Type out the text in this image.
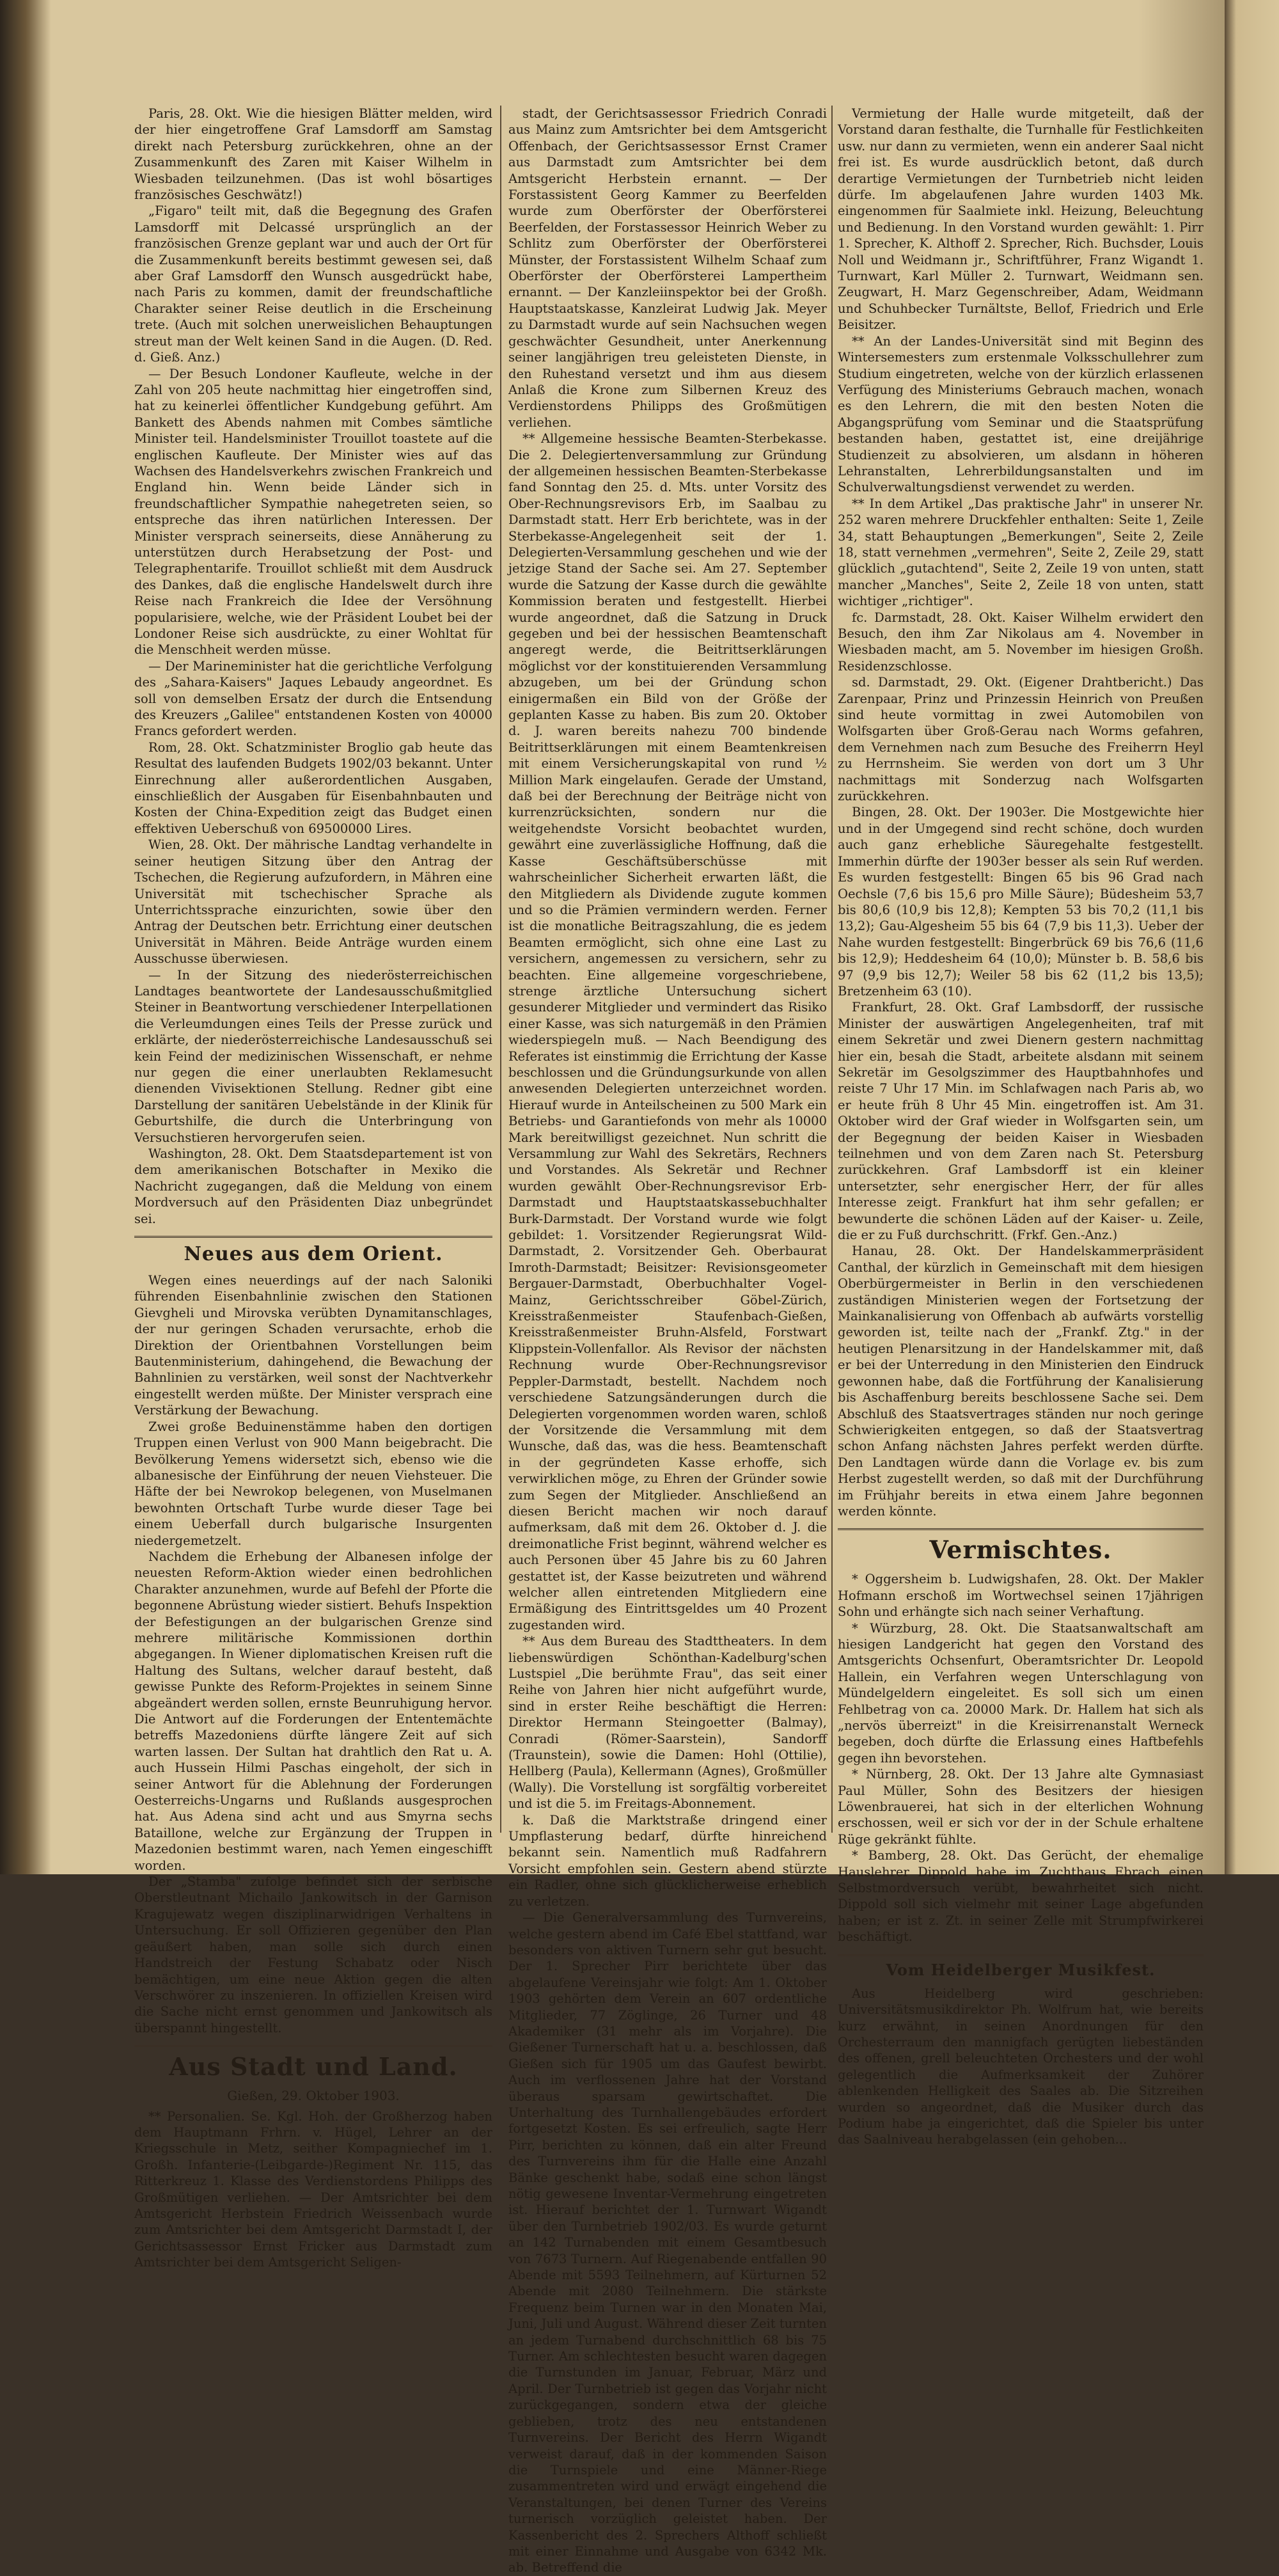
Paris, 28. Okt. Wie die hiesigen Blätter melden, wird der hier eingetroffene Graf Lamsdorff am Samstag direkt nach Petersburg zurückkehren, ohne an der Zusammenkunft des Zaren mit Kaiser Wilhelm in Wiesbaden teilzunehmen. (Das ist wohl bösartiges französisches Geschwätz!)

„Figaro" teilt mit, daß die Begegnung des Grafen Lamsdorff mit Delcassé ursprünglich an der französischen Grenze geplant war und auch der Ort für die Zusammenkunft bereits bestimmt gewesen sei, daß aber Graf Lamsdorff den Wunsch ausgedrückt habe, nach Paris zu kommen, damit der freundschaftliche Charakter seiner Reise deutlich in die Erscheinung trete. (Auch mit solchen unerweislichen Behauptungen streut man der Welt keinen Sand in die Augen. (D. Red. d. Gieß. Anz.)

— Der Besuch Londoner Kaufleute, welche in der Zahl von 205 heute nachmittag hier eingetroffen sind, hat zu keinerlei öffentlicher Kundgebung geführt. Am Bankett des Abends nahmen mit Combes sämtliche Minister teil. Handelsminister Trouillot toastete auf die englischen Kaufleute. Der Minister wies auf das Wachsen des Handelsverkehrs zwischen Frankreich und England hin. Wenn beide Länder sich in freundschaftlicher Sympathie nahegetreten seien, so entspreche das ihren natürlichen Interessen. Der Minister versprach seinerseits, diese Annäherung zu unterstützen durch Herabsetzung der Post- und Telegraphentarife. Trouillot schließt mit dem Ausdruck des Dankes, daß die englische Handelswelt durch ihre Reise nach Frankreich die Idee der Versöhnung popularisiere, welche, wie der Präsident Loubet bei der Londoner Reise sich ausdrückte, zu einer Wohltat für die Menschheit werden müsse.

— Der Marineminister hat die gerichtliche Verfolgung des „Sahara-Kaisers" Jaques Lebaudy angeordnet. Es soll von demselben Ersatz der durch die Entsendung des Kreuzers „Galilee" entstandenen Kosten von 40000 Francs gefordert werden.

Rom, 28. Okt. Schatzminister Broglio gab heute das Resultat des laufenden Budgets 1902/03 bekannt. Unter Einrechnung aller außerordentlichen Ausgaben, einschließlich der Ausgaben für Eisenbahnbauten und Kosten der China-Expedition zeigt das Budget einen effektiven Ueberschuß von 69500000 Lires.

Wien, 28. Okt. Der mährische Landtag verhandelte in seiner heutigen Sitzung über den Antrag der Tschechen, die Regierung aufzufordern, in Mähren eine Universität mit tschechischer Sprache als Unterrichtssprache einzurichten, sowie über den Antrag der Deutschen betr. Errichtung einer deutschen Universität in Mähren. Beide Anträge wurden einem Ausschusse überwiesen.

— In der Sitzung des niederösterreichischen Landtages beantwortete der Landesausschußmitglied Steiner in Beantwortung verschiedener Interpellationen die Verleumdungen eines Teils der Presse zurück und erklärte, der niederösterreichische Landesausschuß sei kein Feind der medizinischen Wissenschaft, er nehme nur gegen die einer unerlaubten Reklamesucht dienenden Vivisektionen Stellung. Redner gibt eine Darstellung der sanitären Uebelstände in der Klinik für Geburtshilfe, die durch die Unterbringung von Versuchstieren hervorgerufen seien.

Washington, 28. Okt. Dem Staatsdepartement ist von dem amerikanischen Botschafter in Mexiko die Nachricht zugegangen, daß die Meldung von einem Mordversuch auf den Präsidenten Diaz unbegründet sei.

Neues aus dem Orient.

Wegen eines neuerdings auf der nach Saloniki führenden Eisenbahnlinie zwischen den Stationen Gievgheli und Mirovska verübten Dynamitanschlages, der nur geringen Schaden verursachte, erhob die Direktion der Orientbahnen Vorstellungen beim Bautenministerium, dahingehend, die Bewachung der Bahnlinien zu verstärken, weil sonst der Nachtverkehr eingestellt werden müßte. Der Minister versprach eine Verstärkung der Bewachung.

Zwei große Beduinenstämme haben den dortigen Truppen einen Verlust von 900 Mann beigebracht. Die Bevölkerung Yemens widersetzt sich, ebenso wie die albanesische der Einführung der neuen Viehsteuer. Die Häfte der bei Newrokop belegenen, von Muselmanen bewohnten Ortschaft Turbe wurde dieser Tage bei einem Ueberfall durch bulgarische Insurgenten niedergemetzelt.

Nachdem die Erhebung der Albanesen infolge der neuesten Reform-Aktion wieder einen bedrohlichen Charakter anzunehmen, wurde auf Befehl der Pforte die begonnene Abrüstung wieder sistiert. Behufs Inspektion der Befestigungen an der bulgarischen Grenze sind mehrere militärische Kommissionen dorthin abgegangen. In Wiener diplomatischen Kreisen ruft die Haltung des Sultans, welcher darauf besteht, daß gewisse Punkte des Reform-Projektes in seinem Sinne abgeändert werden sollen, ernste Beunruhigung hervor. Die Antwort auf die Forderungen der Ententemächte betreffs Mazedoniens dürfte längere Zeit auf sich warten lassen. Der Sultan hat drahtlich den Rat u. A. auch Hussein Hilmi Paschas eingeholt, der sich in seiner Antwort für die Ablehnung der Forderungen Oesterreichs-Ungarns und Rußlands ausgesprochen hat. Aus Adena sind acht und aus Smyrna sechs Bataillone, welche zur Ergänzung der Truppen in Mazedonien bestimmt waren, nach Yemen eingeschifft worden.

Der „Stamba" zufolge befindet sich der serbische Oberstleutnant Michailo Jankowitsch in der Garnison Kragujewatz wegen disziplinarwidrigen Verhaltens in Untersuchung. Er soll Offizieren gegenüber den Plan geäußert haben, man solle sich durch einen Handstreich der Festung Schabatz oder Nisch bemächtigen, um eine neue Aktion gegen die alten Verschwörer zu inszenieren. In offiziellen Kreisen wird die Sache nicht ernst genommen und Jankowitsch als überspannt hingestellt.

Aus Stadt und Land.
Gießen, 29. Oktober 1903.

** Personalien. Se. Kgl. Hoh. der Großherzog haben dem Hauptmann Frhrn. v. Hügel, Lehrer an der Kriegsschule in Metz, seither Kompagniechef im 1. Großh. Infanterie-(Leibgarde-)Regiment Nr. 115, das Ritterkreuz 1. Klasse des Verdienstordens Philipps des Großmütigen verliehen. — Der Amtsrichter bei dem Amtsgericht Herbstein Friedrich Weissenbach wurde zum Amtsrichter bei dem Amtsgericht Darmstadt I, der Gerichtsassessor Ernst Fricker aus Darmstadt zum Amtsrichter bei dem Amtsgericht Seligen-

stadt, der Gerichtsassessor Friedrich Conradi aus Mainz zum Amtsrichter bei dem Amtsgericht Offenbach, der Gerichtsassessor Ernst Cramer aus Darmstadt zum Amtsrichter bei dem Amtsgericht Herbstein ernannt. — Der Forstassistent Georg Kammer zu Beerfelden wurde zum Oberförster der Oberförsterei Beerfelden, der Forstassessor Heinrich Weber zu Schlitz zum Oberförster der Oberförsterei Münster, der Forstassistent Wilhelm Schaaf zum Oberförster der Oberförsterei Lampertheim ernannt. — Der Kanzleiinspektor bei der Großh. Hauptstaatskasse, Kanzleirat Ludwig Jak. Meyer zu Darmstadt wurde auf sein Nachsuchen wegen geschwächter Gesundheit, unter Anerkennung seiner langjährigen treu geleisteten Dienste, in den Ruhestand versetzt und ihm aus diesem Anlaß die Krone zum Silbernen Kreuz des Verdienstordens Philipps des Großmütigen verliehen.

** Allgemeine hessische Beamten-Sterbekasse. Die 2. Delegiertenversammlung zur Gründung der allgemeinen hessischen Beamten-Sterbekasse fand Sonntag den 25. d. Mts. unter Vorsitz des Ober-Rechnungsrevisors Erb, im Saalbau zu Darmstadt statt. Herr Erb berichtete, was in der Sterbekasse-Angelegenheit seit der 1. Delegierten-Versammlung geschehen und wie der jetzige Stand der Sache sei. Am 27. September wurde die Satzung der Kasse durch die gewählte Kommission beraten und festgestellt. Hierbei wurde angeordnet, daß die Satzung in Druck gegeben und bei der hessischen Beamtenschaft angeregt werde, die Beitrittserklärungen möglichst vor der konstituierenden Versammlung abzugeben, um bei der Gründung schon einigermaßen ein Bild von der Größe der geplanten Kasse zu haben. Bis zum 20. Oktober d. J. waren bereits nahezu 700 bindende Beitrittserklärungen mit einem Beamtenkreisen mit einem Versicherungskapital von rund ½ Million Mark eingelaufen. Gerade der Umstand, daß bei der Berechnung der Beiträge nicht von kurrenzrücksichten, sondern nur die weitgehendste Vorsicht beobachtet wurden, gewährt eine zuverlässigliche Hoffnung, daß die Kasse Geschäftsüberschüsse mit wahrscheinlicher Sicherheit erwarten läßt, die den Mitgliedern als Dividende zugute kommen und so die Prämien vermindern werden. Ferner ist die monatliche Beitragszahlung, die es jedem Beamten ermöglicht, sich ohne eine Last zu versichern, angemessen zu versichern, sehr zu beachten. Eine allgemeine vorgeschriebene, strenge ärztliche Untersuchung sichert gesunderer Mitglieder und vermindert das Risiko einer Kasse, was sich naturgemäß in den Prämien wiederspiegeln muß. — Nach Beendigung des Referates ist einstimmig die Errichtung der Kasse beschlossen und die Gründungsurkunde von allen anwesenden Delegierten unterzeichnet worden. Hierauf wurde in Anteilscheinen zu 500 Mark ein Betriebs- und Garantiefonds von mehr als 10000 Mark bereitwilligst gezeichnet. Nun schritt die Versammlung zur Wahl des Sekretärs, Rechners und Vorstandes. Als Sekretär und Rechner wurden gewählt Ober-Rechnungsrevisor Erb-Darmstadt und Hauptstaatskassebuchhalter Burk-Darmstadt. Der Vorstand wurde wie folgt gebildet: 1. Vorsitzender Regierungsrat Wild-Darmstadt, 2. Vorsitzender Geh. Oberbaurat Imroth-Darmstadt; Beisitzer: Revisionsgeometer Bergauer-Darmstadt, Oberbuchhalter Vogel-Mainz, Gerichtsschreiber Göbel-Zürich, Kreisstraßenmeister Staufenbach-Gießen, Kreisstraßenmeister Bruhn-Alsfeld, Forstwart Klippstein-Vollenfallor. Als Revisor der nächsten Rechnung wurde Ober-Rechnungsrevisor Peppler-Darmstadt, bestellt. Nachdem noch verschiedene Satzungsänderungen durch die Delegierten vorgenommen worden waren, schloß der Vorsitzende die Versammlung mit dem Wunsche, daß das, was die hess. Beamtenschaft in der gegründeten Kasse erhoffe, sich verwirklichen möge, zu Ehren der Gründer sowie zum Segen der Mitglieder. Anschließend an diesen Bericht machen wir noch darauf aufmerksam, daß mit dem 26. Oktober d. J. die dreimonatliche Frist beginnt, während welcher es auch Personen über 45 Jahre bis zu 60 Jahren gestattet ist, der Kasse beizutreten und während welcher allen eintretenden Mitgliedern eine Ermäßigung des Eintrittsgeldes um 40 Prozent zugestanden wird.

** Aus dem Bureau des Stadttheaters. In dem liebenswürdigen Schönthan-Kadelburg'schen Lustspiel „Die berühmte Frau", das seit einer Reihe von Jahren hier nicht aufgeführt wurde, sind in erster Reihe beschäftigt die Herren: Direktor Hermann Steingoetter (Balmay), Conradi (Römer-Saarstein), Sandorff (Traunstein), sowie die Damen: Hohl (Ottilie), Hellberg (Paula), Kellermann (Agnes), Großmüller (Wally). Die Vorstellung ist sorgfältig vorbereitet und ist die 5. im Freitags-Abonnement.

k. Daß die Marktstraße dringend einer Umpflasterung bedarf, dürfte hinreichend bekannt sein. Namentlich muß Radfahrern Vorsicht empfohlen sein. Gestern abend stürzte ein Radler, ohne sich glücklicherweise erheblich zu verletzen.

— Die Generalversammlung des Turnvereins, welche gestern abend im Café Ebel stattfand, war besonders von aktiven Turnern sehr gut besucht. Der 1. Sprecher Pirr berichtete über das abgelaufene Vereinsjahr wie folgt: Am 1. Oktober 1903 gehörten dem Verein an 607 ordentliche Mitglieder, 77 Zöglinge, 26 Turner und 48 Akademiker (31 mehr als im Vorjahre). Die Gießener Turnerschaft hat u. a. beschlossen, daß Gießen sich für 1905 um das Gaufest bewirbt. Auch im verflossenen Jahre hat der Vorstand überaus sparsam gewirtschaftet. Die Unterhaltung des Turnhallengebäudes erfordert fortgesetzt Kosten. Es sei erfreulich, sagte Herr Pirr, berichten zu können, daß ein alter Freund des Turnvereins ihm für die Halle eine Anzahl Bänke geschenkt habe, sodaß eine schon längst nötig gewesene Inventar-Vermehrung eingetreten ist. Hierauf berichtet der 1. Turnwart Wigandt über den Turnbetrieb 1902/03. Es wurde geturnt an 142 Turnabenden mit einem Gesamtbesuch von 7673 Turnern. Auf Riegenabende entfallen 90 Abende mit 5593 Teilnehmern, auf Kürturnen 52 Abende mit 2080 Teilnehmern. Die stärkste Frequenz beim Turnen war in den Monaten Mai, Juni, Juli und August. Während dieser Zeit turnten an jedem Turnabend durchschnittlich 68 bis 75 Turner. Am schlechtesten besucht waren dagegen die Turnstunden im Januar, Februar, März und April. Der Turnbetrieb ist gegen das Vorjahr nicht zurückgegangen, sondern etwa der gleiche geblieben, trotz des neu entstandenen Turnvereins. Der Bericht des Herrn Wigandt verweist darauf, daß in der kommenden Saison die Turnspiele und eine Männer-Riege zusammentreten wird und erwägt eingehend die Veranstaltungen, bei denen Turner des Vereins turnerisch vorzüglich geleistet haben. Der Kassenbericht des 2. Sprechers Althoff schließt mit einer Einnahme und Ausgabe von 6342 Mk. ab. Betreffend die

Vermietung der Halle wurde mitgeteilt, daß der Vorstand daran festhalte, die Turnhalle für Festlichkeiten usw. nur dann zu vermieten, wenn ein anderer Saal nicht frei ist. Es wurde ausdrücklich betont, daß durch derartige Vermietungen der Turnbetrieb nicht leiden dürfe. Im abgelaufenen Jahre wurden 1403 Mk. eingenommen für Saalmiete inkl. Heizung, Beleuchtung und Bedienung. In den Vorstand wurden gewählt: 1. Pirr 1. Sprecher, K. Althoff 2. Sprecher, Rich. Buchsder, Louis Noll und Weidmann jr., Schriftführer, Franz Wigandt 1. Turnwart, Karl Müller 2. Turnwart, Weidmann sen. Zeugwart, H. Marz Gegenschreiber, Adam, Weidmann und Schuhbecker Turnältste, Bellof, Friedrich und Erle Beisitzer.

** An der Landes-Universität sind mit Beginn des Wintersemesters zum erstenmale Volksschullehrer zum Studium eingetreten, welche von der kürzlich erlassenen Verfügung des Ministeriums Gebrauch machen, wonach es den Lehrern, die mit den besten Noten die Abgangsprüfung vom Seminar und die Staatsprüfung bestanden haben, gestattet ist, eine dreijährige Studienzeit zu absolvieren, um alsdann in höheren Lehranstalten, Lehrerbildungsanstalten und im Schulverwaltungsdienst verwendet zu werden.

** In dem Artikel „Das praktische Jahr" in unserer Nr. 252 waren mehrere Druckfehler enthalten: Seite 1, Zeile 34, statt Behauptungen „Bemerkungen", Seite 2, Zeile 18, statt vernehmen „vermehren", Seite 2, Zeile 29, statt glücklich „gutachtend", Seite 2, Zeile 19 von unten, statt mancher „Manches", Seite 2, Zeile 18 von unten, statt wichtiger „richtiger".

fc. Darmstadt, 28. Okt. Kaiser Wilhelm erwidert den Besuch, den ihm Zar Nikolaus am 4. November in Wiesbaden macht, am 5. November im hiesigen Großh. Residenzschlosse.

sd. Darmstadt, 29. Okt. (Eigener Drahtbericht.) Das Zarenpaar, Prinz und Prinzessin Heinrich von Preußen sind heute vormittag in zwei Automobilen von Wolfsgarten über Groß-Gerau nach Worms gefahren, dem Vernehmen nach zum Besuche des Freiherrn Heyl zu Herrnsheim. Sie werden von dort um 3 Uhr nachmittags mit Sonderzug nach Wolfsgarten zurückkehren.

Bingen, 28. Okt. Der 1903er. Die Mostgewichte hier und in der Umgegend sind recht schöne, doch wurden auch ganz erhebliche Säuregehalte festgestellt. Immerhin dürfte der 1903er besser als sein Ruf werden. Es wurden festgestellt: Bingen 65 bis 96 Grad nach Oechsle (7,6 bis 15,6 pro Mille Säure); Büdesheim 53,7 bis 80,6 (10,9 bis 12,8); Kempten 53 bis 70,2 (11,1 bis 13,2); Gau-Algesheim 55 bis 64 (7,9 bis 11,3). Ueber der Nahe wurden festgestellt: Bingerbrück 69 bis 76,6 (11,6 bis 12,9); Heddesheim 64 (10,0); Münster b. B. 58,6 bis 97 (9,9 bis 12,7); Weiler 58 bis 62 (11,2 bis 13,5); Bretzenheim 63 (10).

Frankfurt, 28. Okt. Graf Lambsdorff, der russische Minister der auswärtigen Angelegenheiten, traf mit einem Sekretär und zwei Dienern gestern nachmittag hier ein, besah die Stadt, arbeitete alsdann mit seinem Sekretär im Gesolgszimmer des Hauptbahnhofes und reiste 7 Uhr 17 Min. im Schlafwagen nach Paris ab, wo er heute früh 8 Uhr 45 Min. eingetroffen ist. Am 31. Oktober wird der Graf wieder in Wolfsgarten sein, um der Begegnung der beiden Kaiser in Wiesbaden teilnehmen und von dem Zaren nach St. Petersburg zurückkehren. Graf Lambsdorff ist ein kleiner untersetzter, sehr energischer Herr, der für alles Interesse zeigt. Frankfurt hat ihm sehr gefallen; er bewunderte die schönen Läden auf der Kaiser- u. Zeile, die er zu Fuß durchschritt. (Frkf. Gen.-Anz.)

Hanau, 28. Okt. Der Handelskammerpräsident Canthal, der kürzlich in Gemeinschaft mit dem hiesigen Oberbürgermeister in Berlin in den verschiedenen zuständigen Ministerien wegen der Fortsetzung der Mainkanalisierung von Offenbach ab aufwärts vorstellig geworden ist, teilte nach der „Frankf. Ztg." in der heutigen Plenarsitzung in der Handelskammer mit, daß er bei der Unterredung in den Ministerien den Eindruck gewonnen habe, daß die Fortführung der Kanalisierung bis Aschaffenburg bereits beschlossene Sache sei. Dem Abschluß des Staatsvertrages ständen nur noch geringe Schwierigkeiten entgegen, so daß der Staatsvertrag schon Anfang nächsten Jahres perfekt werden dürfte. Den Landtagen würde dann die Vorlage ev. bis zum Herbst zugestellt werden, so daß mit der Durchführung im Frühjahr bereits in etwa einem Jahre begonnen werden könnte.

Vermischtes.

* Oggersheim b. Ludwigshafen, 28. Okt. Der Makler Hofmann erschoß im Wortwechsel seinen 17jährigen Sohn und erhängte sich nach seiner Verhaftung.

* Würzburg, 28. Okt. Die Staatsanwaltschaft am hiesigen Landgericht hat gegen den Vorstand des Amtsgerichts Ochsenfurt, Oberamtsrichter Dr. Leopold Hallein, ein Verfahren wegen Unterschlagung von Mündelgeldern eingeleitet. Es soll sich um einen Fehlbetrag von ca. 20000 Mark. Dr. Hallem hat sich als „nervös überreizt" in die Kreisirrenanstalt Werneck begeben, doch dürfte die Erlassung eines Haftbefehls gegen ihn bevorstehen.

* Nürnberg, 28. Okt. Der 13 Jahre alte Gymnasiast Paul Müller, Sohn des Besitzers der hiesigen Löwenbrauerei, hat sich in der elterlichen Wohnung erschossen, weil er sich vor der in der Schule erhaltene Rüge gekränkt fühlte.

* Bamberg, 28. Okt. Das Gerücht, der ehemalige Hauslehrer Dippold habe im Zuchthaus Ebrach einen Selbstmordversuch verübt, bewahrheitet sich nicht. Dippold soll sich vielmehr mit seiner Lage abgefunden haben; er ist z. Zt. in seiner Zelle mit Strumpfwirkerei beschäftigt.

Vom Heidelberger Musikfest.

Aus Heidelberg wird geschrieben: Universitätsmusikdirektor Ph. Wolfrum hat, wie bereits kurz erwähnt, in seinen Anordnungen für den Orchesterraum den mannigfach gerügten liebeständen des offenen, grell beleuchteten Orchesters und der wohl gelegentlich die Aufmerksamkeit der Zuhörer ablenkenden Helligkeit des Saales ab. Die Sitzreihen wurden so angeordnet, daß die Musiker durch das Podium habe ja eingerichtet, daß die Spieler bis unter das Saalniveau herabgelassen (ein gehoben...
